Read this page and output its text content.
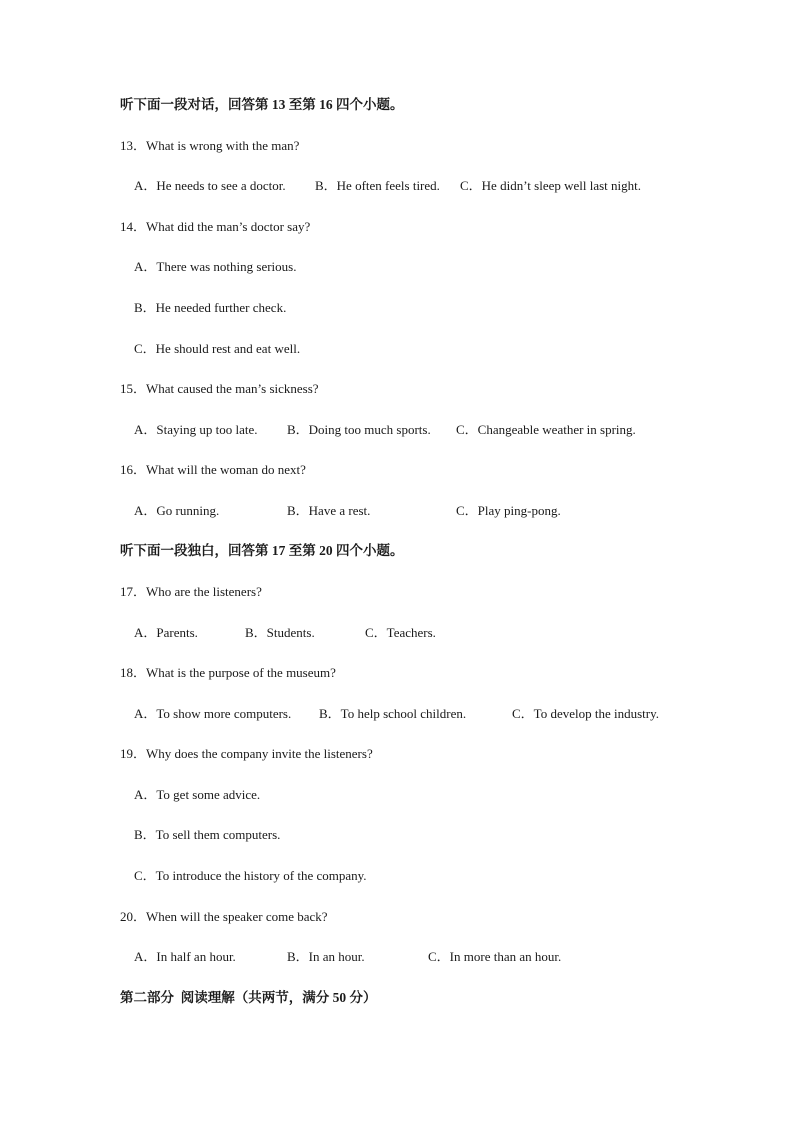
听下面一段对话，回答第 13 至第 16 四个小题。
13．What is wrong with the man?
A．He needs to see a doctor. B．He often feels tired. C．He didn’t sleep well last night.
14．What did the man’s doctor say?
A．There was nothing serious.
B．He needed further check.
C．He should rest and eat well.
15．What caused the man’s sickness?
A．Staying up too late. B．Doing too much sports. C．Changeable weather in spring.
16．What will the woman do next?
A．Go running.	B．Have a rest.	C．Play ping-pong.
听下面一段独白，回答第 17 至第 20 四个小题。
17．Who are the listeners?
A．Parents.	B．Students.	C．Teachers.
18．What is the purpose of the museum?
A．To show more computers. B．To help school children.	C．To develop the industry.
19．Why does the company invite the listeners?
A．To get some advice.
B．To sell them computers.
C．To introduce the history of the company.
20．When will the speaker come back?
A．In half an hour.	B．In an hour.	C．In more than an hour.
第二部分  阅读理解（共两节，满分 50 分）
